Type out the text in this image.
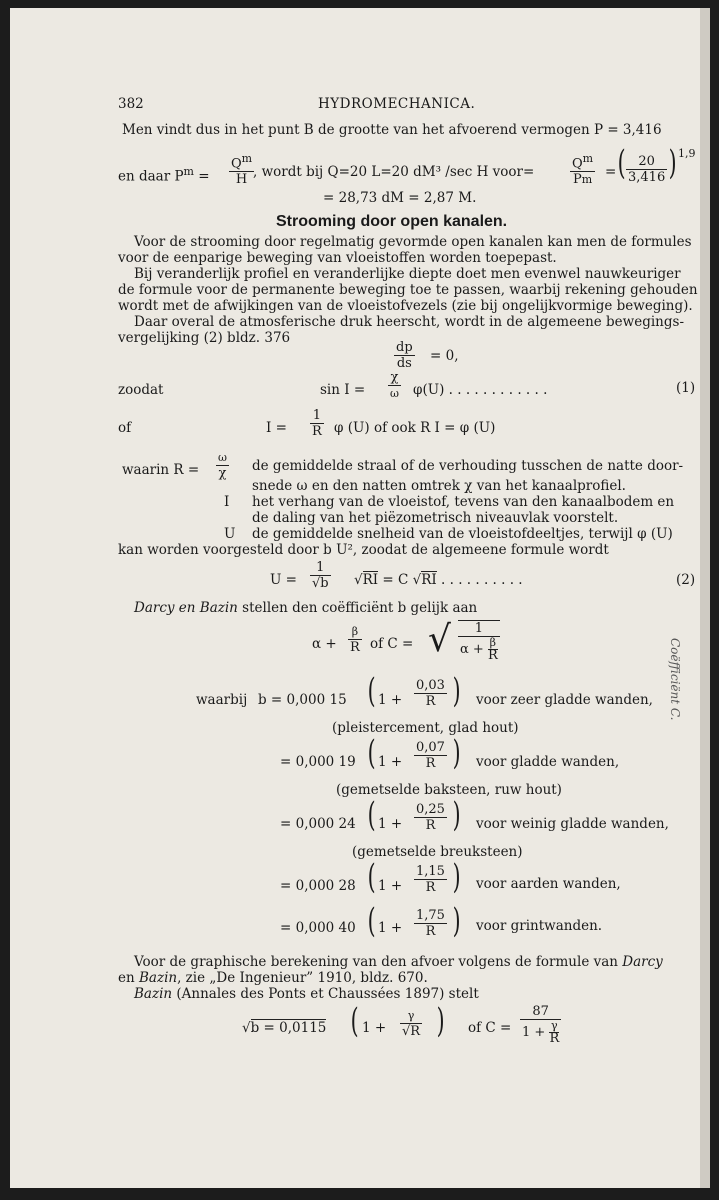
382	HYDROMECHANICA.
Men vindt dus in het punt B de grootte van het afvoerend vermogen P = 3,416
en daar $P^m$ =
$Q^m$
H , wordt bij Q=20 L=20 dM³ /sec H voor=
$Q^m$
Pm = ( 20
3,416 ) 1,9
= 28,73 dM = 2,87 M.
Strooming door open kanalen.
Voor de strooming door regelmatig gevormde open kanalen kan men de formules
voor de eenparige beweging van vloeistoffen worden toepepast.
Bij veranderlijk profiel en veranderlijke diepte doet men evenwel nauwkeuriger
de formule voor de permanente beweging toe te passen, waarbij rekening gehouden
wordt met de afwijkingen van de vloeistofvezels (zie bij ongelijkvormige beweging).
Daar overal de atmosferische druk heerscht, wordt in de algemeene bewegings-
vergelijking (2) bldz. 376
dp
ds = 0,
zoodat	sin I =
χ
ω φ(U) . . . . . . . . . . . .	(1)
of	I =
1
R φ (U) of ook R I = φ (U)
waarin R =
ω
χ de gemiddelde straal of de verhouding tusschen de natte door-
snede ω en den natten omtrek χ van het kanaalprofiel.
I het verhang van de vloeistof, tevens van den kanaalbodem en
de daling van het piëzometrisch niveauvlak voorstelt.
U de gemiddelde snelheid van de vloeistofdeeltjes, terwijl φ (U)
kan worden voorgesteld door b U², zoodat de algemeene formule wordt
U =
1
√b √RI = C √RI . . . . . . . . . .	(2)
Darcy en Bazin stellen den coëfficiënt b gelijk aan
α +
β
R of C = √	1
α + β
R
waarbij b = 0,000 15 ( 1 +
0,03
R ) voor zeer gladde wanden,
(pleistercement, glad hout)
= 0,000 19 ( 1 +
0,07
R ) voor gladde wanden,
(gemetselde baksteen, ruw hout)
= 0,000 24 ( 1 +
0,25
R ) voor weinig gladde wanden,
(gemetselde breuksteen)
= 0,000 28 ( 1 +
1,15
R ) voor aarden wanden,
= 0,000 40 ( 1 +
1,75
R ) voor grintwanden.
Voor de graphische berekening van den afvoer volgens de formule van Darcy
en Bazin, zie „De Ingenieur” 1910, bldz. 670.
Bazin (Annales des Ponts et Chaussées 1897) stelt
√b = 0,0115 ( 1 +
γ
√R ) of C =
87
1 + γ
R
Coëfficiënt C.
